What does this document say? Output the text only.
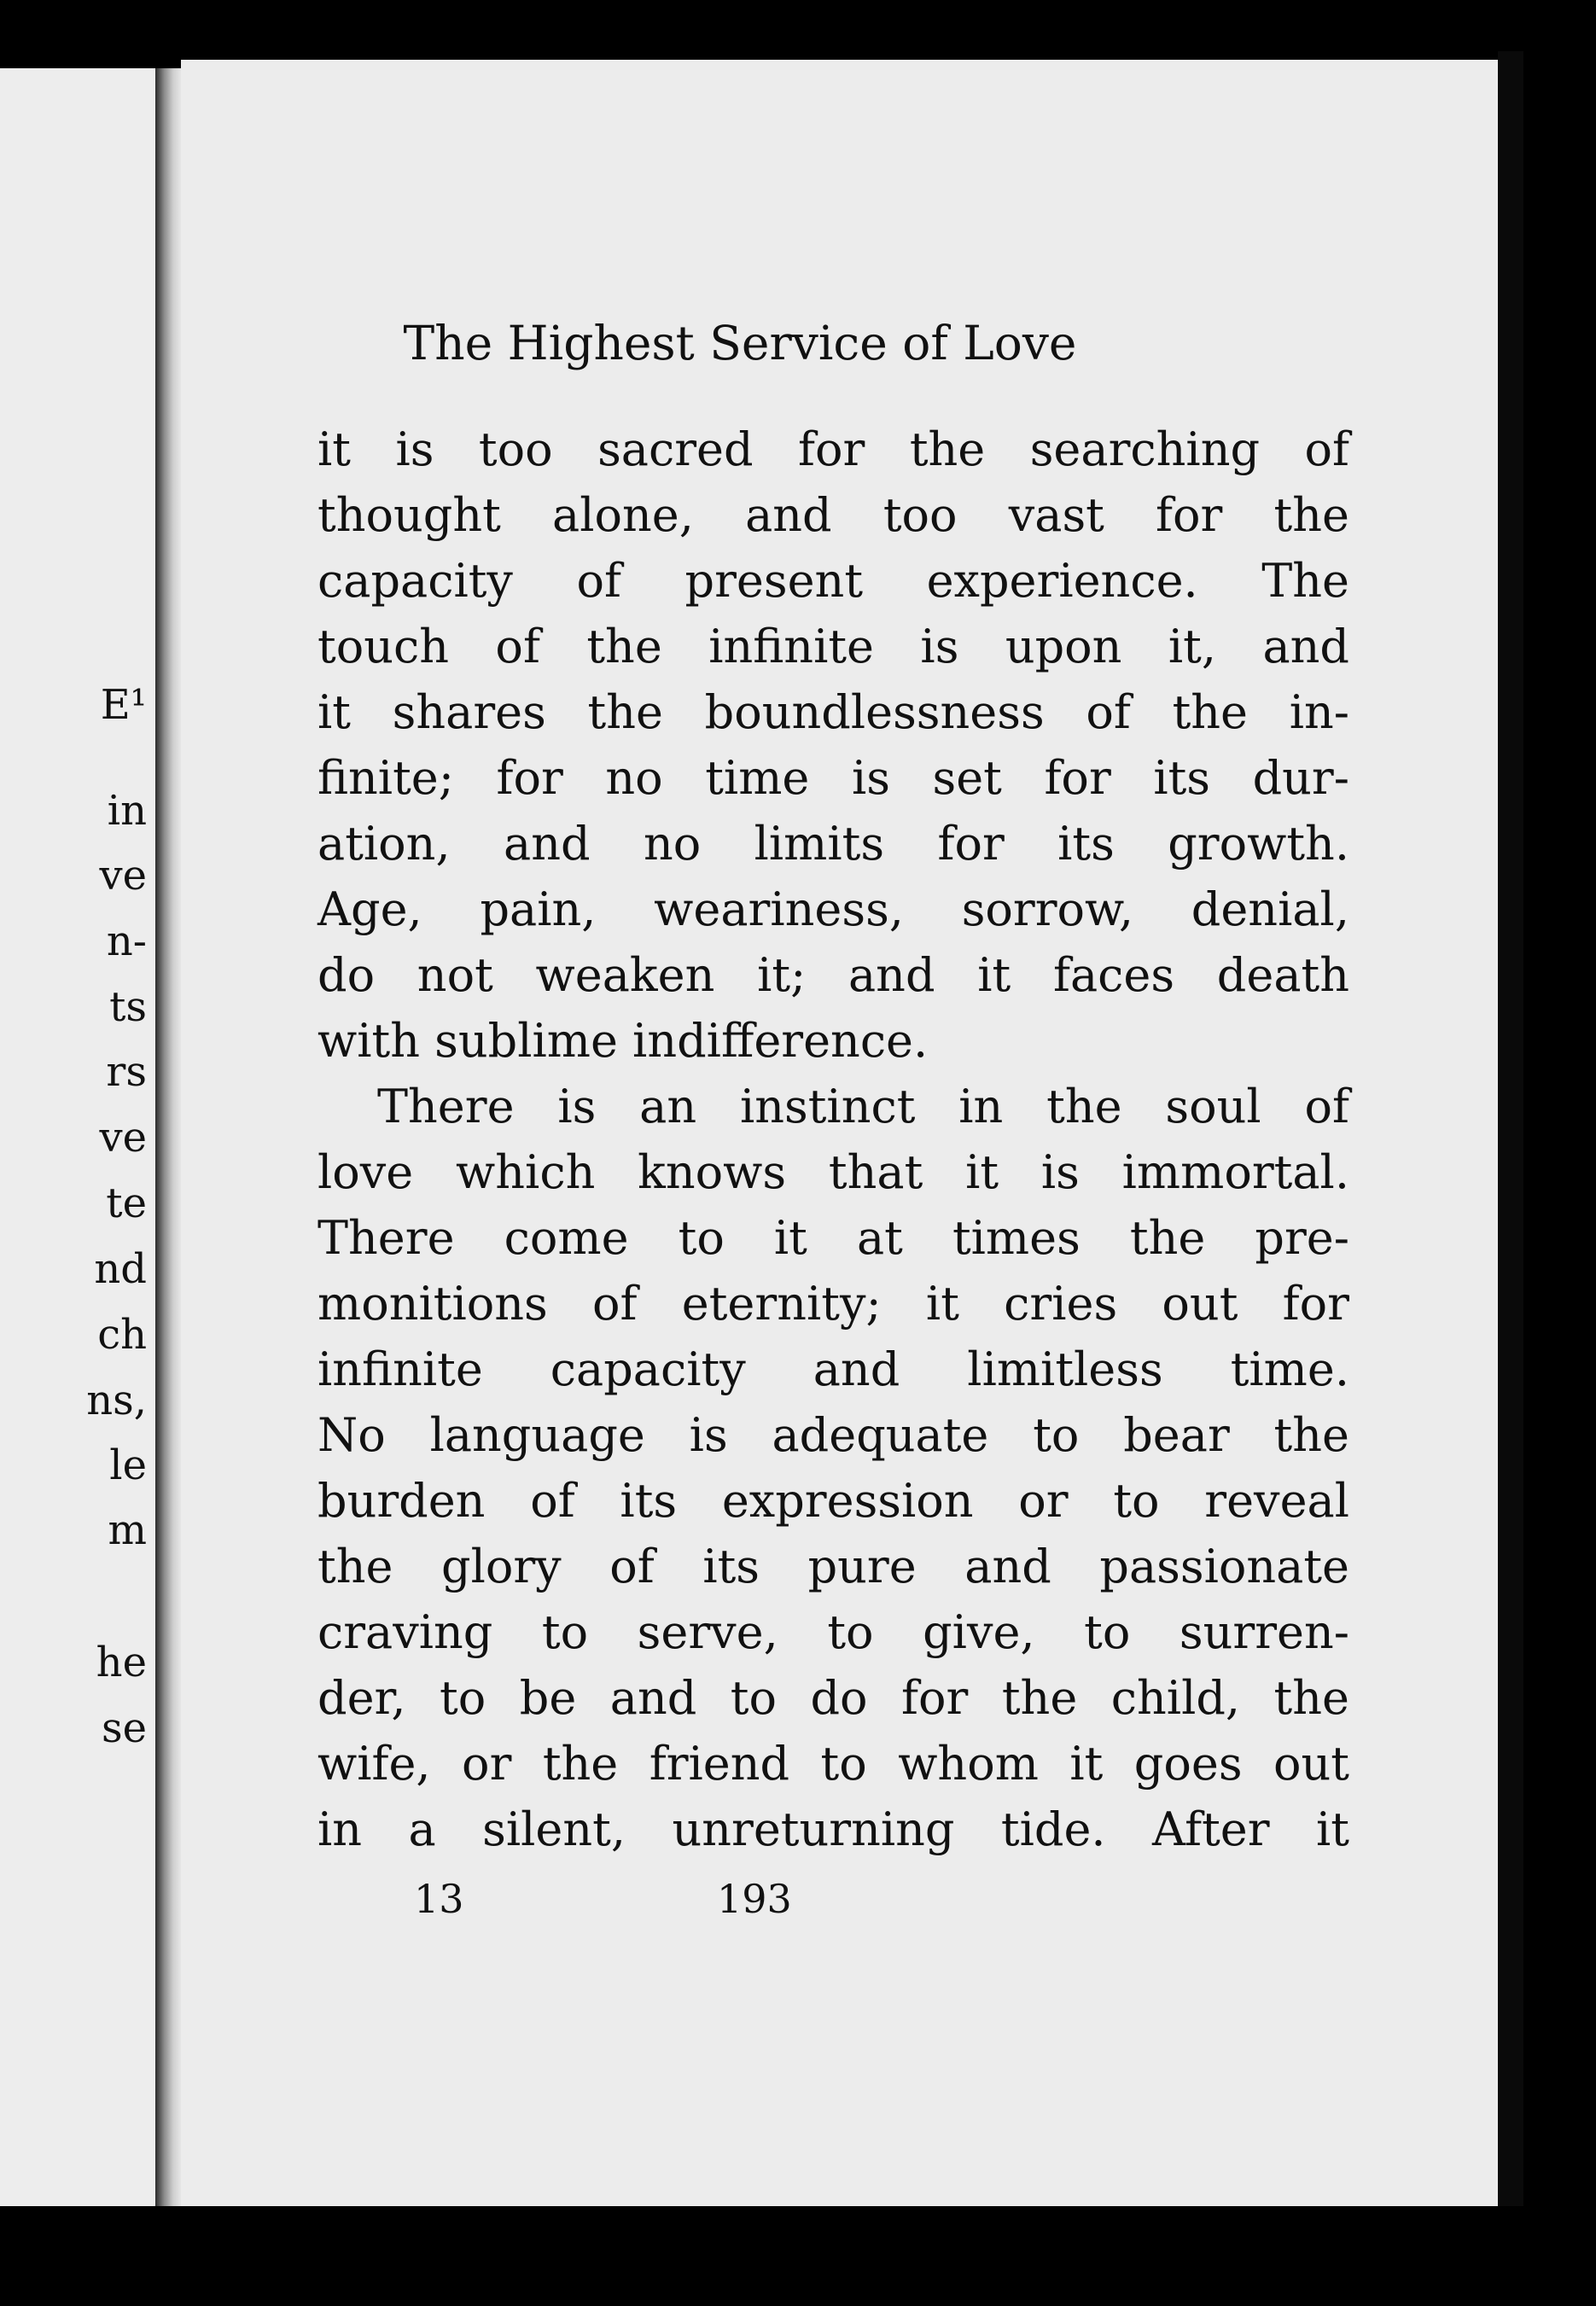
E¹
in
ve
n-
ts
rs
ve
te
nd
ch
ns,
le
m
he
se
The Highest Service of Love
it is too sacred for the searching of
thought alone, and too vast for the
capacity of present experience. The
touch of the infinite is upon it, and
it shares the boundlessness of the in-
finite; for no time is set for its dur-
ation, and no limits for its growth.
Age, pain, weariness, sorrow, denial,
do not weaken it; and it faces death
with sublime indifference.
There is an instinct in the soul of
love which knows that it is immortal.
There come to it at times the pre-
monitions of eternity; it cries out for
infinite capacity and limitless time.
No language is adequate to bear the
burden of its expression or to reveal
the glory of its pure and passionate
craving to serve, to give, to surren-
der, to be and to do for the child, the
wife, or the friend to whom it goes out
in a silent, unreturning tide. After it
13	193
